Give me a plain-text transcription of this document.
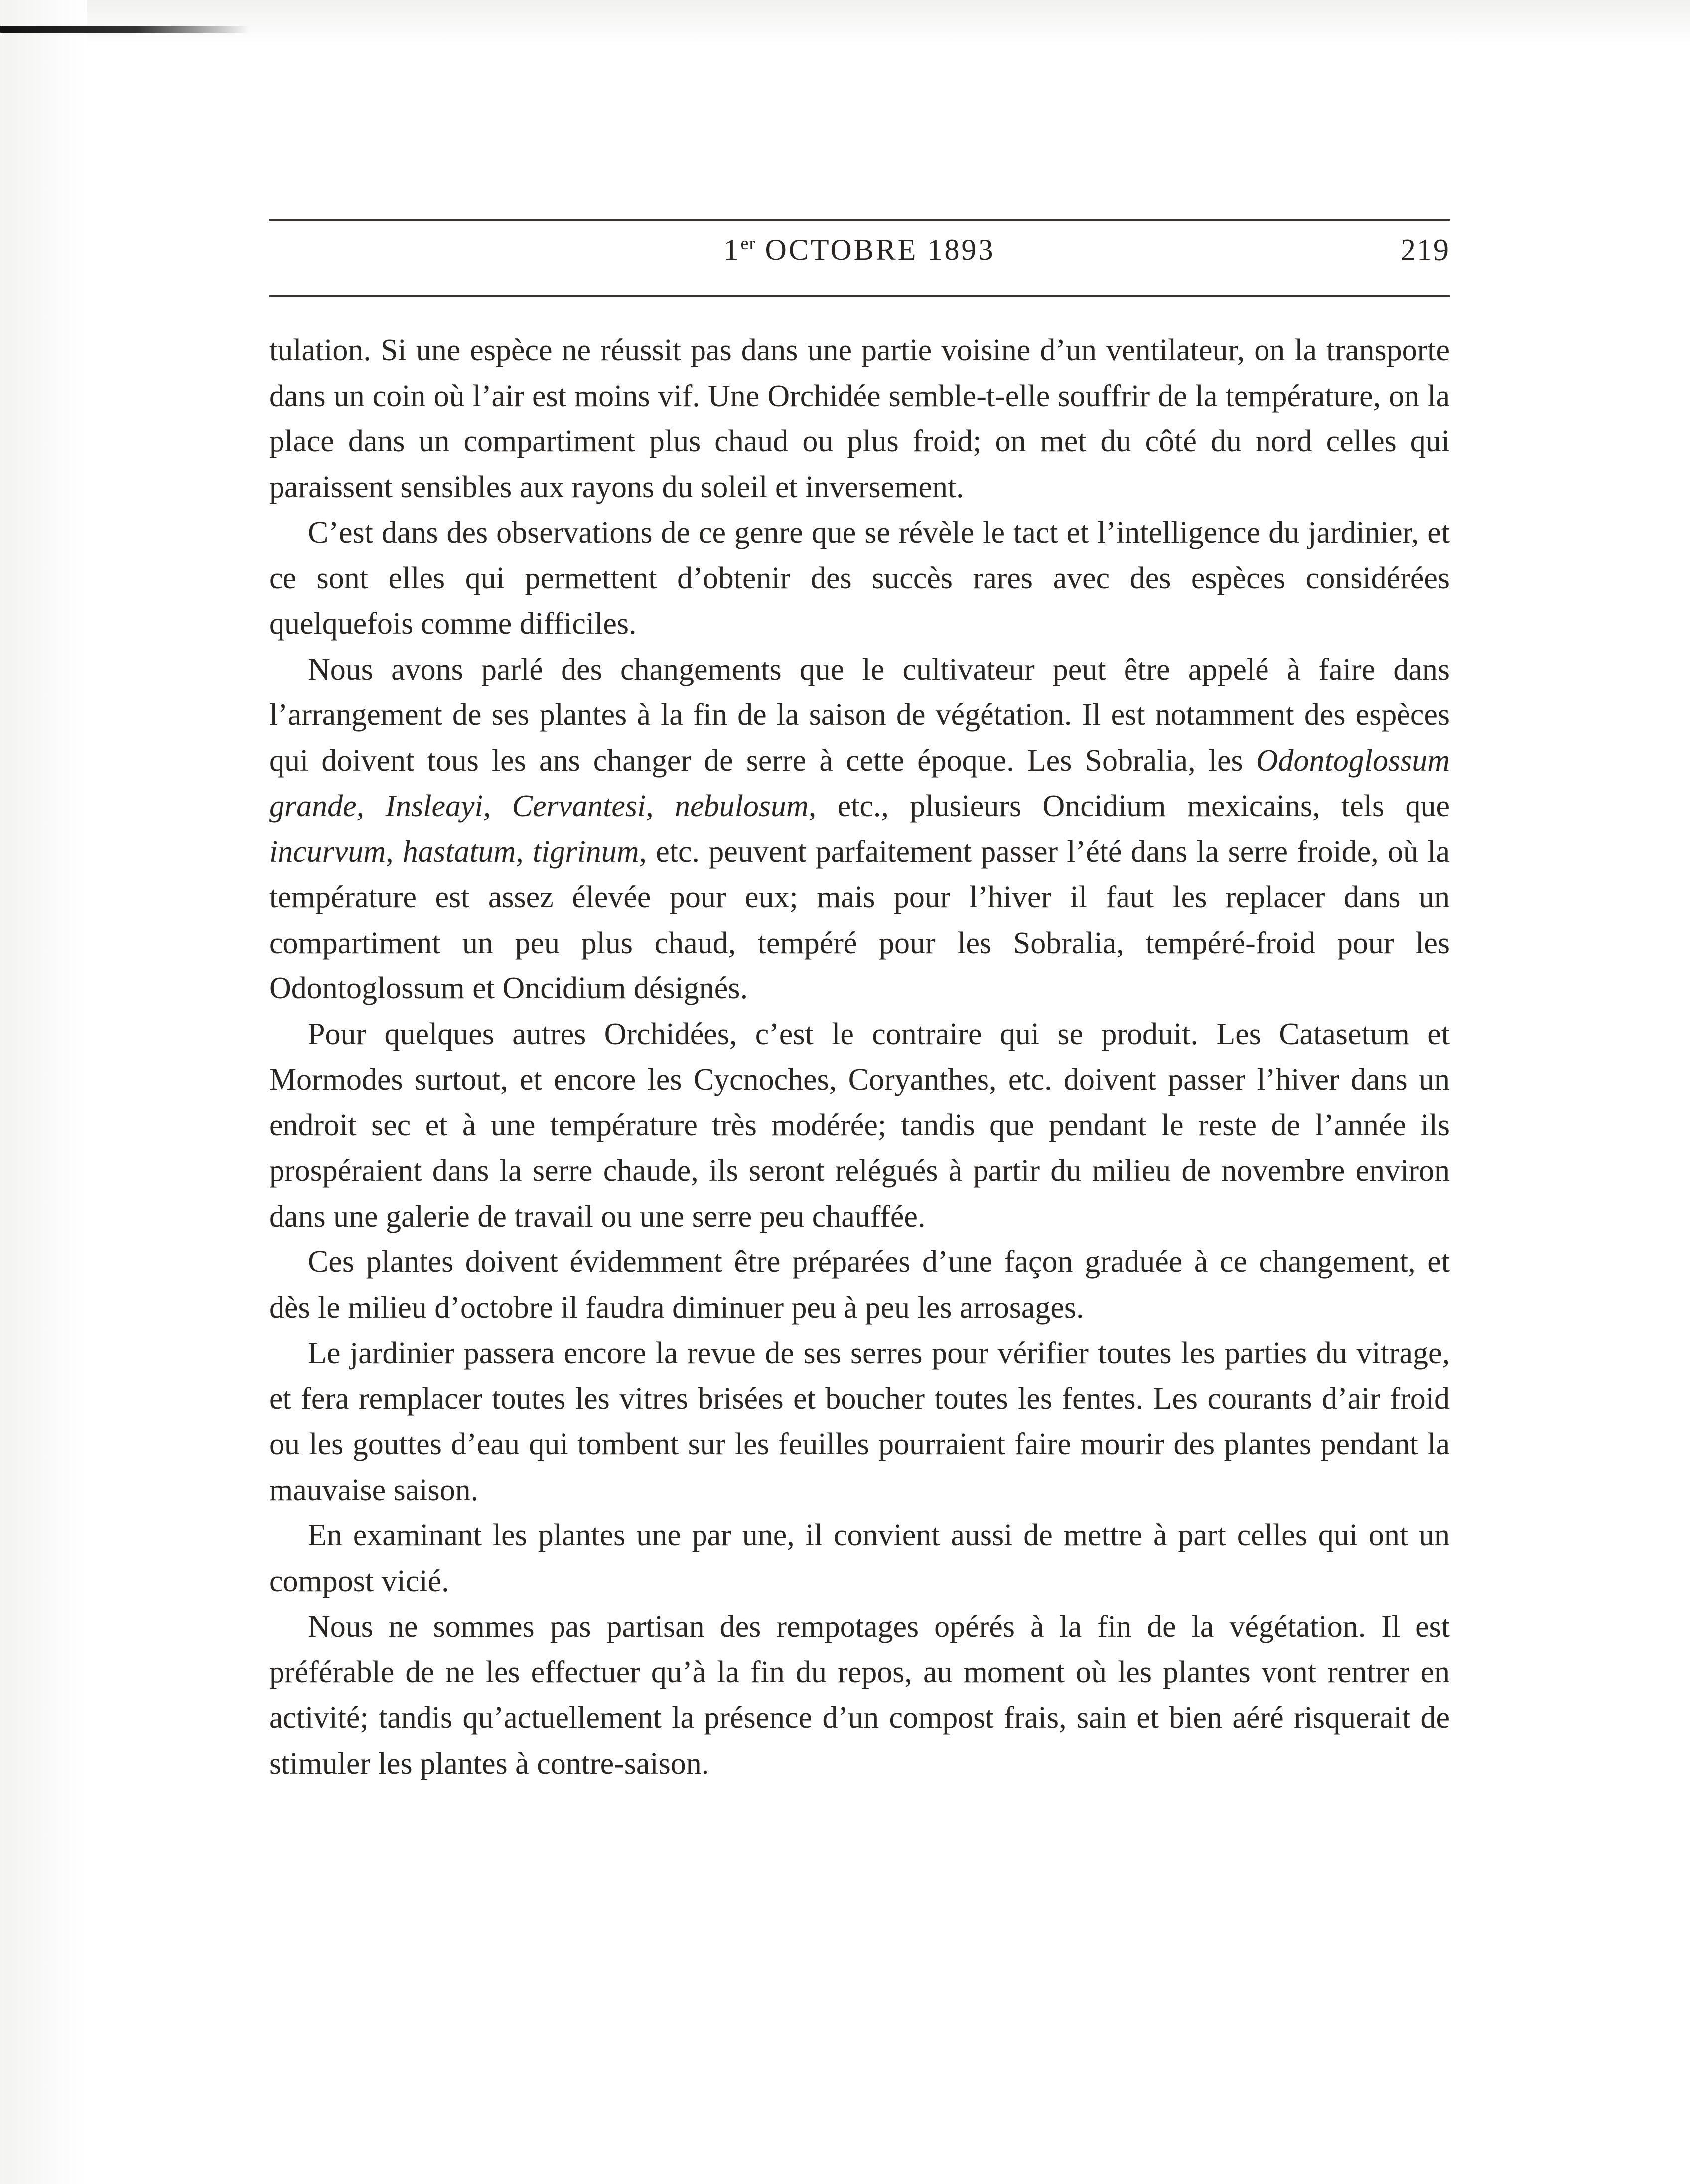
1er OCTOBRE 1893	219

tulation. Si une espèce ne réussit pas dans une partie voisine d’un ventilateur, on la transporte dans un coin où l’air est moins vif. Une Orchidée semble-t-elle souffrir de la température, on la place dans un compartiment plus chaud ou plus froid; on met du côté du nord celles qui paraissent sensibles aux rayons du soleil et inversement.

C’est dans des observations de ce genre que se révèle le tact et l’intelligence du jardinier, et ce sont elles qui permettent d’obtenir des succès rares avec des espèces considérées quelquefois comme difficiles.

Nous avons parlé des changements que le cultivateur peut être appelé à faire dans l’arrangement de ses plantes à la fin de la saison de végétation. Il est notamment des espèces qui doivent tous les ans changer de serre à cette époque. Les Sobralia, les Odontoglossum grande, Insleayi, Cervantesi, nebulosum, etc., plusieurs Oncidium mexicains, tels que incurvum, hastatum, tigrinum, etc. peuvent parfaitement passer l’été dans la serre froide, où la température est assez élevée pour eux; mais pour l’hiver il faut les replacer dans un compartiment un peu plus chaud, tempéré pour les Sobralia, tempéré-froid pour les Odontoglossum et Oncidium désignés.

Pour quelques autres Orchidées, c’est le contraire qui se produit. Les Catasetum et Mormodes surtout, et encore les Cycnoches, Coryanthes, etc. doivent passer l’hiver dans un endroit sec et à une température très modérée; tandis que pendant le reste de l’année ils prospéraient dans la serre chaude, ils seront relégués à partir du milieu de novembre environ dans une galerie de travail ou une serre peu chauffée.

Ces plantes doivent évidemment être préparées d’une façon graduée à ce changement, et dès le milieu d’octobre il faudra diminuer peu à peu les arrosages.

Le jardinier passera encore la revue de ses serres pour vérifier toutes les parties du vitrage, et fera remplacer toutes les vitres brisées et boucher toutes les fentes. Les courants d’air froid ou les gouttes d’eau qui tombent sur les feuilles pourraient faire mourir des plantes pendant la mauvaise saison.

En examinant les plantes une par une, il convient aussi de mettre à part celles qui ont un compost vicié.

Nous ne sommes pas partisan des rempotages opérés à la fin de la végétation. Il est préférable de ne les effectuer qu’à la fin du repos, au moment où les plantes vont rentrer en activité; tandis qu’actuellement la présence d’un compost frais, sain et bien aéré risquerait de stimuler les plantes à contre-saison.
